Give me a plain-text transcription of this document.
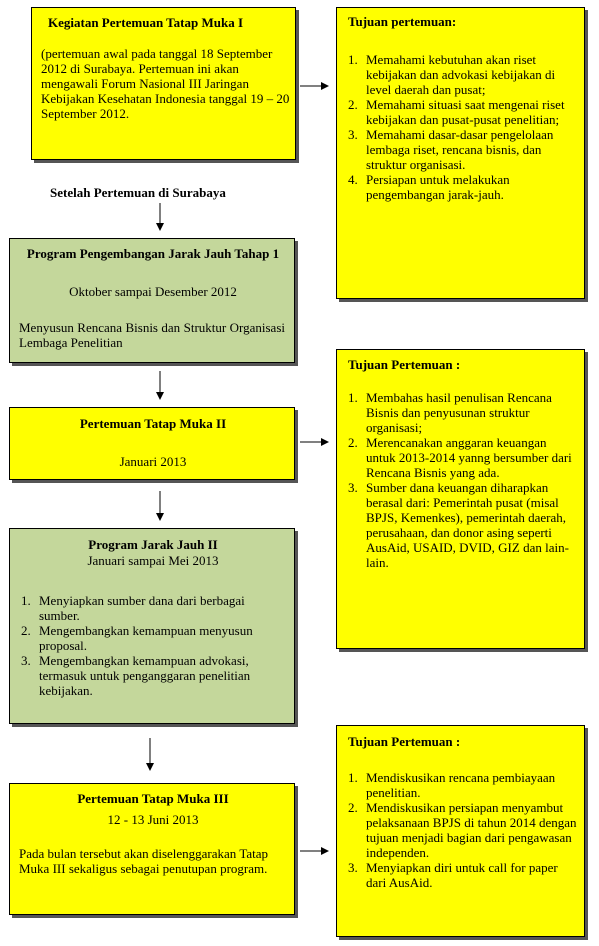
Kegiatan Pertemuan Tatap Muka I
(pertemuan awal pada tanggal 18 September 2012 di Surabaya. Pertemuan ini akan mengawali Forum Nasional III Jaringan Kebijakan Kesehatan Indonesia tanggal 19 – 20 September 2012.
Tujuan pertemuan:
1. Memahami kebutuhan akan riset kebijakan dan advokasi kebijakan di level daerah dan pusat;
2. Memahami situasi saat mengenai riset kebijakan dan pusat-pusat penelitian;
3. Memahami dasar-dasar pengelolaan lembaga riset, rencana bisnis, dan struktur organisasi.
4. Persiapan untuk melakukan pengembangan jarak-jauh.
Setelah Pertemuan di Surabaya
Program Pengembangan Jarak Jauh Tahap 1
Oktober sampai Desember 2012
Menyusun Rencana Bisnis dan Struktur Organisasi Lembaga Penelitian
Tujuan Pertemuan :
1. Membahas hasil penulisan Rencana Bisnis dan penyusunan struktur organisasi;
2. Merencanakan anggaran keuangan untuk 2013-2014 yanng bersumber dari Rencana Bisnis yang ada.
3. Sumber dana keuangan diharapkan berasal dari: Pemerintah pusat (misal BPJS, Kemenkes), pemerintah daerah, perusahaan, dan donor asing seperti AusAid, USAID, DVID, GIZ dan lain-lain.
Pertemuan Tatap Muka II
Januari 2013
Program Jarak Jauh II
Januari sampai Mei 2013
1. Menyiapkan sumber dana dari berbagai sumber.
2. Mengembangkan kemampuan menyusun proposal.
3. Mengembangkan kemampuan advokasi, termasuk untuk penganggaran penelitian kebijakan.
Tujuan Pertemuan :
1. Mendiskusikan rencana pembiayaan penelitian.
2. Mendiskusikan persiapan menyambut pelaksanaan BPJS di tahun 2014 dengan tujuan menjadi bagian dari pengawasan independen.
3. Menyiapkan diri untuk call for paper dari AusAid.
Pertemuan Tatap Muka III
12 - 13 Juni 2013
Pada bulan tersebut akan diselenggarakan Tatap Muka III sekaligus sebagai penutupan program.
